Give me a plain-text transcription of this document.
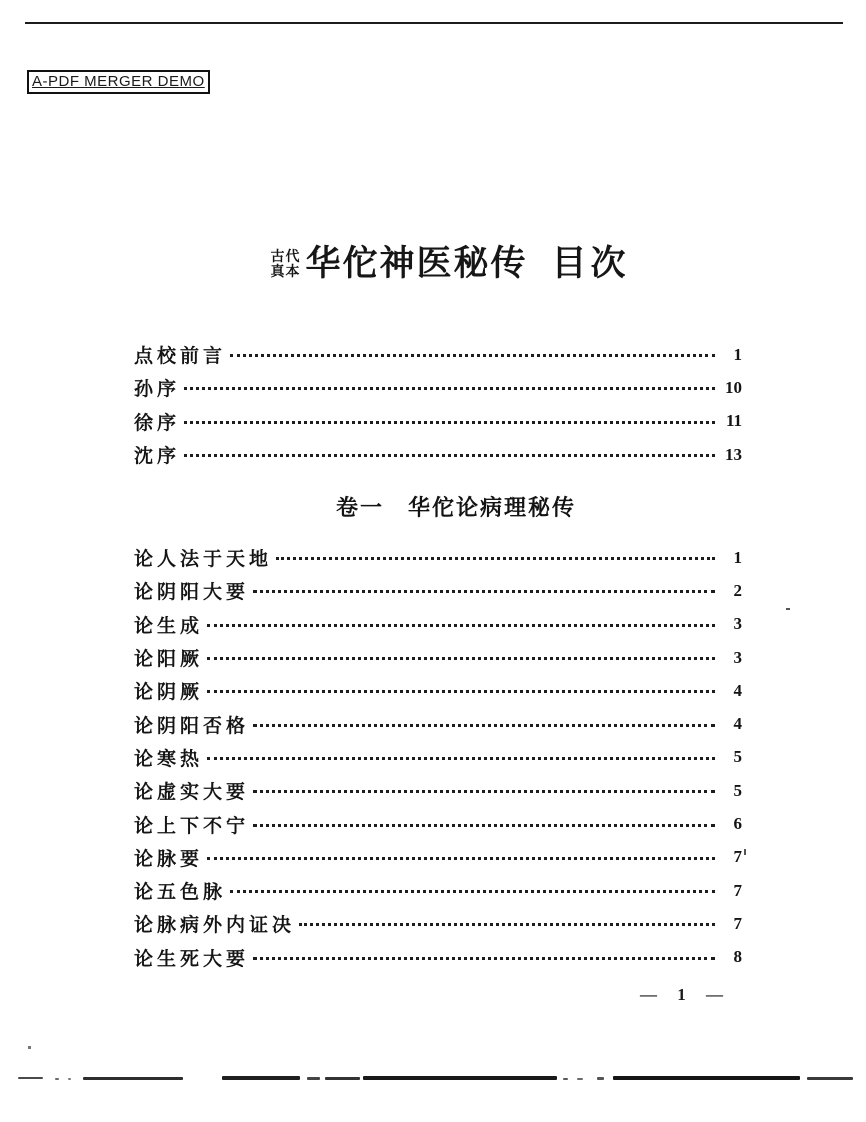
A-PDF MERGER DEMO
古代
真本 华佗神医秘传 目次
点校前言	1
孙序	10
徐序	11
沈序	13
卷一　华佗论病理秘传
论人法于天地	1
论阴阳大要	2
论生成	3
论阳厥	3
论阴厥	4
论阴阳否格	4
论寒热	5
论虚实大要	5
论上下不宁	6
论脉要	7
论五色脉	7
论脉病外内证决	7
论生死大要	8
— 1 —
